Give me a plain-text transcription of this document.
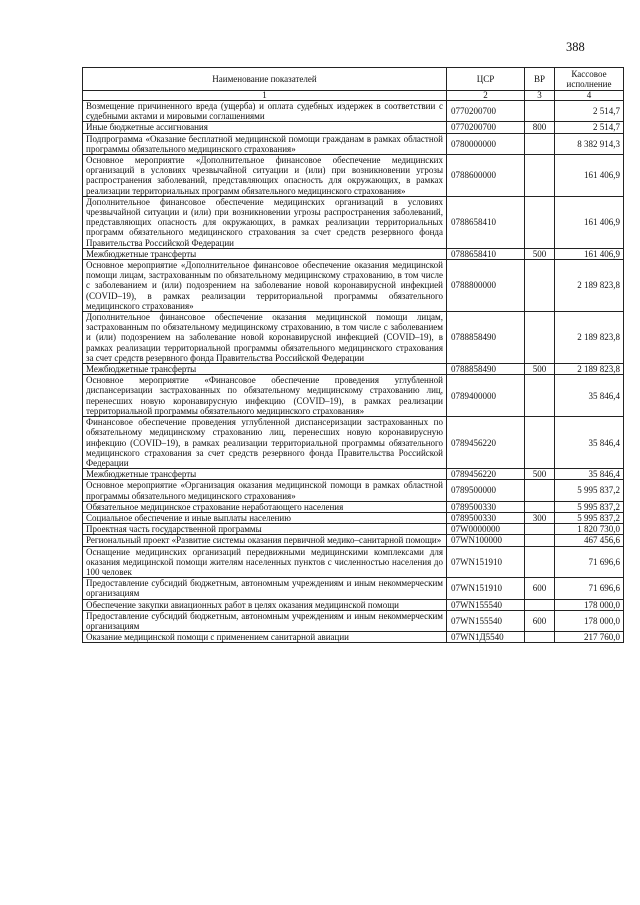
388
Наименование показателей	ЦСР	ВР	Кассовое исполнение
1	2	3	4
Возмещение причиненного вреда (ущерба) и оплата судебных издержек в соответствии с судебными актами и мировыми соглашениями	0770200700		2 514,7
Иные бюджетные ассигнования	0770200700	800	2 514,7
Подпрограмма «Оказание бесплатной медицинской помощи гражданам в рамках областной программы обязательного медицинского страхования»	0780000000		8 382 914,3
Основное мероприятие «Дополнительное финансовое обеспечение медицинских организаций в условиях чрезвычайной ситуации и (или) при возникновении угрозы распространения заболеваний, представляющих опасность для окружающих, в рамках реализации территориальных программ обязательного медицинского страхования»	0788600000		161 406,9
Дополнительное финансовое обеспечение медицинских организаций в условиях чрезвычайной ситуации и (или) при возникновении угрозы распространения заболеваний, представляющих опасность для окружающих, в рамках реализации территориальных программ обязательного медицинского страхования за счет средств резервного фонда Правительства Российской Федерации	0788658410		161 406,9
Межбюджетные трансферты	0788658410	500	161 406,9
Основное мероприятие «Дополнительное финансовое обеспечение оказания медицинской помощи лицам, застрахованным по обязательному медицинскому страхованию, в том числе с заболеванием и (или) подозрением на заболевание новой коронавирусной инфекцией (COVID–19), в рамках реализации территориальной программы обязательного медицинского страхования»	0788800000		2 189 823,8
Дополнительное финансовое обеспечение оказания медицинской помощи лицам, застрахованным по обязательному медицинскому страхованию, в том числе с заболеванием и (или) подозрением на заболевание новой коронавирусной инфекцией (COVID–19), в рамках реализации территориальной программы обязательного медицинского страхования за счет средств резервного фонда Правительства Российской Федерации	0788858490		2 189 823,8
Межбюджетные трансферты	0788858490	500	2 189 823,8
Основное мероприятие «Финансовое обеспечение проведения углубленной диспансеризации застрахованных по обязательному медицинскому страхованию лиц, перенесших новую коронавирусную инфекцию (COVID–19), в рамках реализации территориальной программы обязательного медицинского страхования»	0789400000		35 846,4
Финансовое обеспечение проведения углубленной диспансеризации застрахованных по обязательному медицинскому страхованию лиц, перенесших новую коронавирусную инфекцию (COVID–19), в рамках реализации территориальной программы обязательного медицинского страхования за счет средств резервного фонда Правительства Российской Федерации	0789456220		35 846,4
Межбюджетные трансферты	0789456220	500	35 846,4
Основное мероприятие «Организация оказания медицинской помощи в рамках областной программы обязательного медицинского страхования»	0789500000		5 995 837,2
Обязательное медицинское страхование неработающего населения	0789500330		5 995 837,2
Социальное обеспечение и иные выплаты населению	0789500330	300	5 995 837,2
Проектная часть государственной программы	07W0000000		1 820 730,0
Региональный проект «Развитие системы оказания первичной медико–санитарной помощи»	07WN100000		467 456,6
Оснащение медицинских организаций передвижными медицинскими комплексами для оказания медицинской помощи жителям населенных пунктов с численностью населения до 100 человек	07WN151910		71 696,6
Предоставление субсидий бюджетным, автономным учреждениям и иным некоммерческим организациям	07WN151910	600	71 696,6
Обеспечение закупки авиационных работ в целях оказания медицинской помощи	07WN155540		178 000,0
Предоставление субсидий бюджетным, автономным учреждениям и иным некоммерческим организациям	07WN155540	600	178 000,0
Оказание медицинской помощи с применением санитарной авиации	07WN1Д5540		217 760,0
